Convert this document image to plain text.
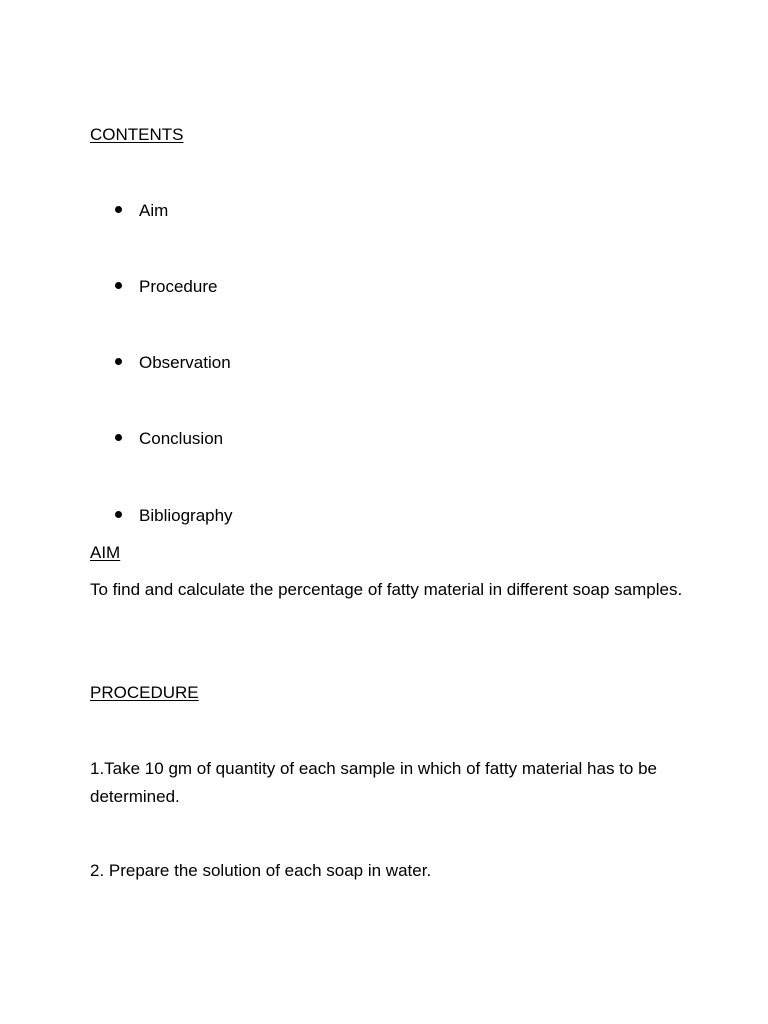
CONTENTS
Aim
Procedure
Observation
Conclusion
Bibliography
AIM

To find and calculate the percentage of fatty material in different soap samples.

PROCEDURE

1.Take 10 gm of quantity of each sample in which of fatty material has to be determined.

2. Prepare the solution of each soap in water.
